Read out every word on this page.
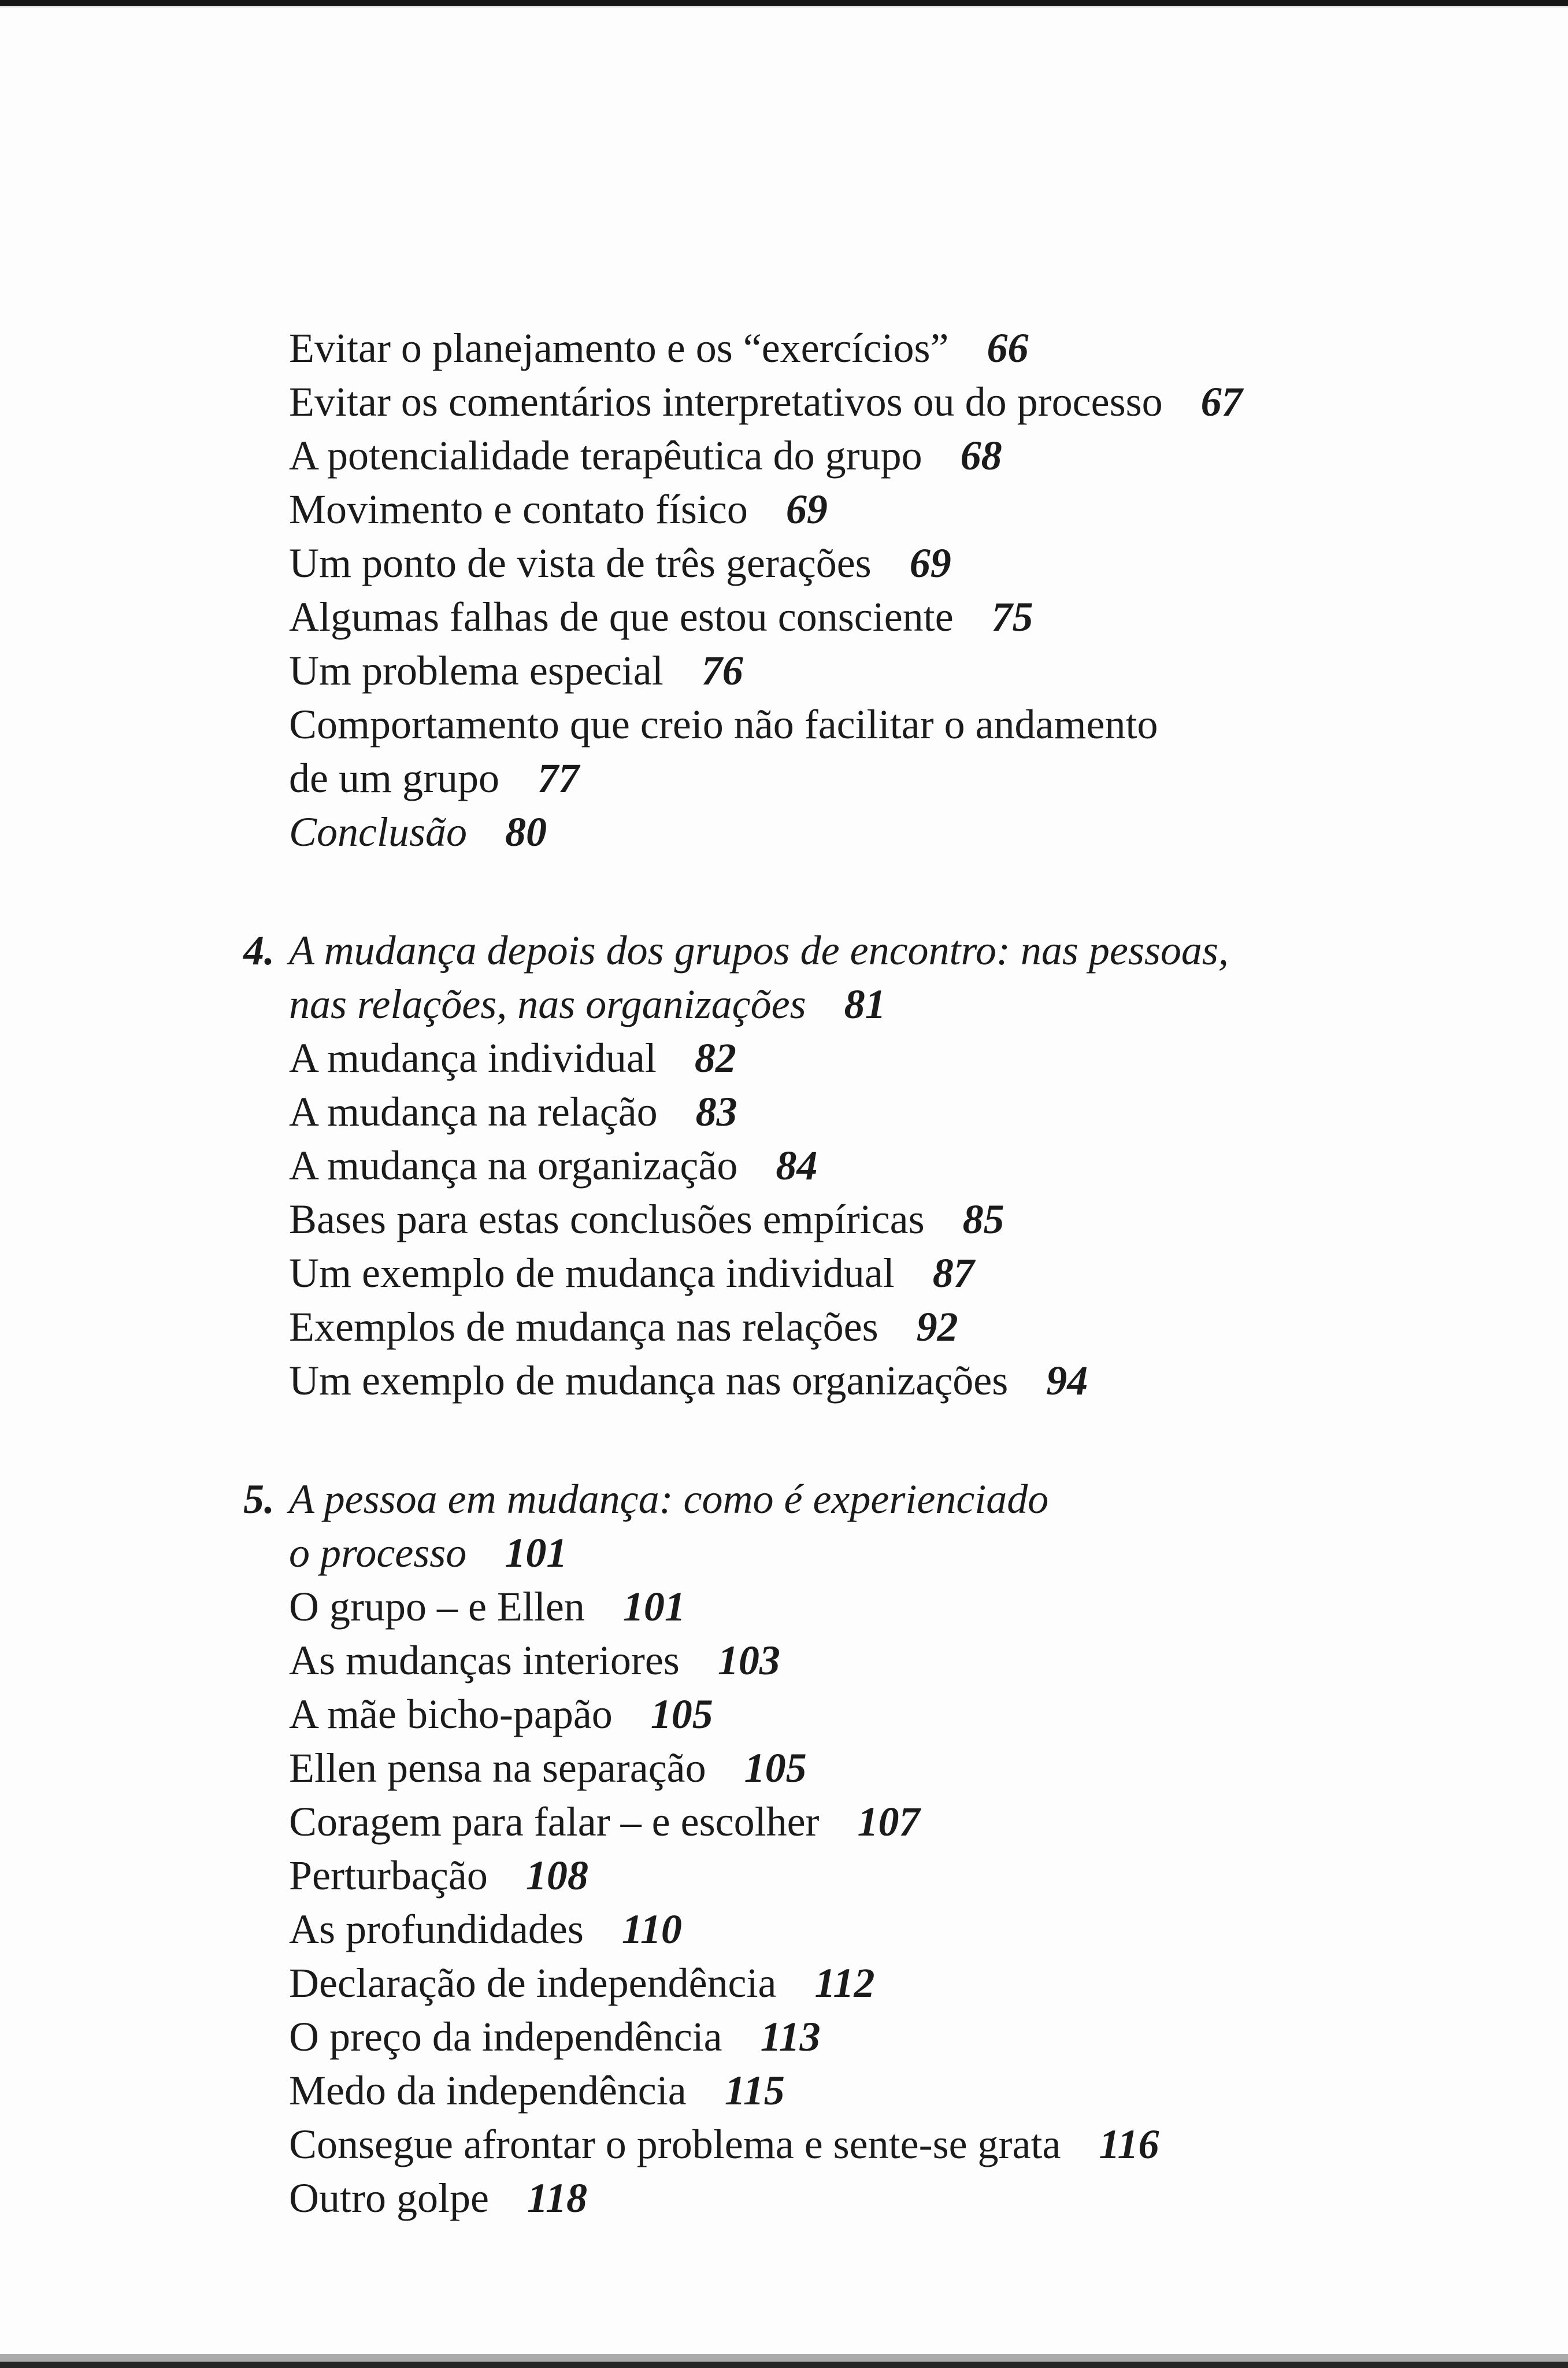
Evitar o planejamento e os “exercícios” 66
Evitar os comentários interpretativos ou do processo 67
A potencialidade terapêutica do grupo 68
Movimento e contato físico 69
Um ponto de vista de três gerações 69
Algumas falhas de que estou consciente 75
Um problema especial 76
Comportamento que creio não facilitar o andamento
de um grupo 77
Conclusão 80
4. A mudança depois dos grupos de encontro: nas pessoas,
nas relações, nas organizações 81
A mudança individual 82
A mudança na relação 83
A mudança na organização 84
Bases para estas conclusões empíricas 85
Um exemplo de mudança individual 87
Exemplos de mudança nas relações 92
Um exemplo de mudança nas organizações 94
5. A pessoa em mudança: como é experienciado
o processo 101
O grupo – e Ellen 101
As mudanças interiores 103
A mãe bicho-papão 105
Ellen pensa na separação 105
Coragem para falar – e escolher 107
Perturbação 108
As profundidades 110
Declaração de independência 112
O preço da independência 113
Medo da independência 115
Consegue afrontar o problema e sente-se grata 116
Outro golpe 118
